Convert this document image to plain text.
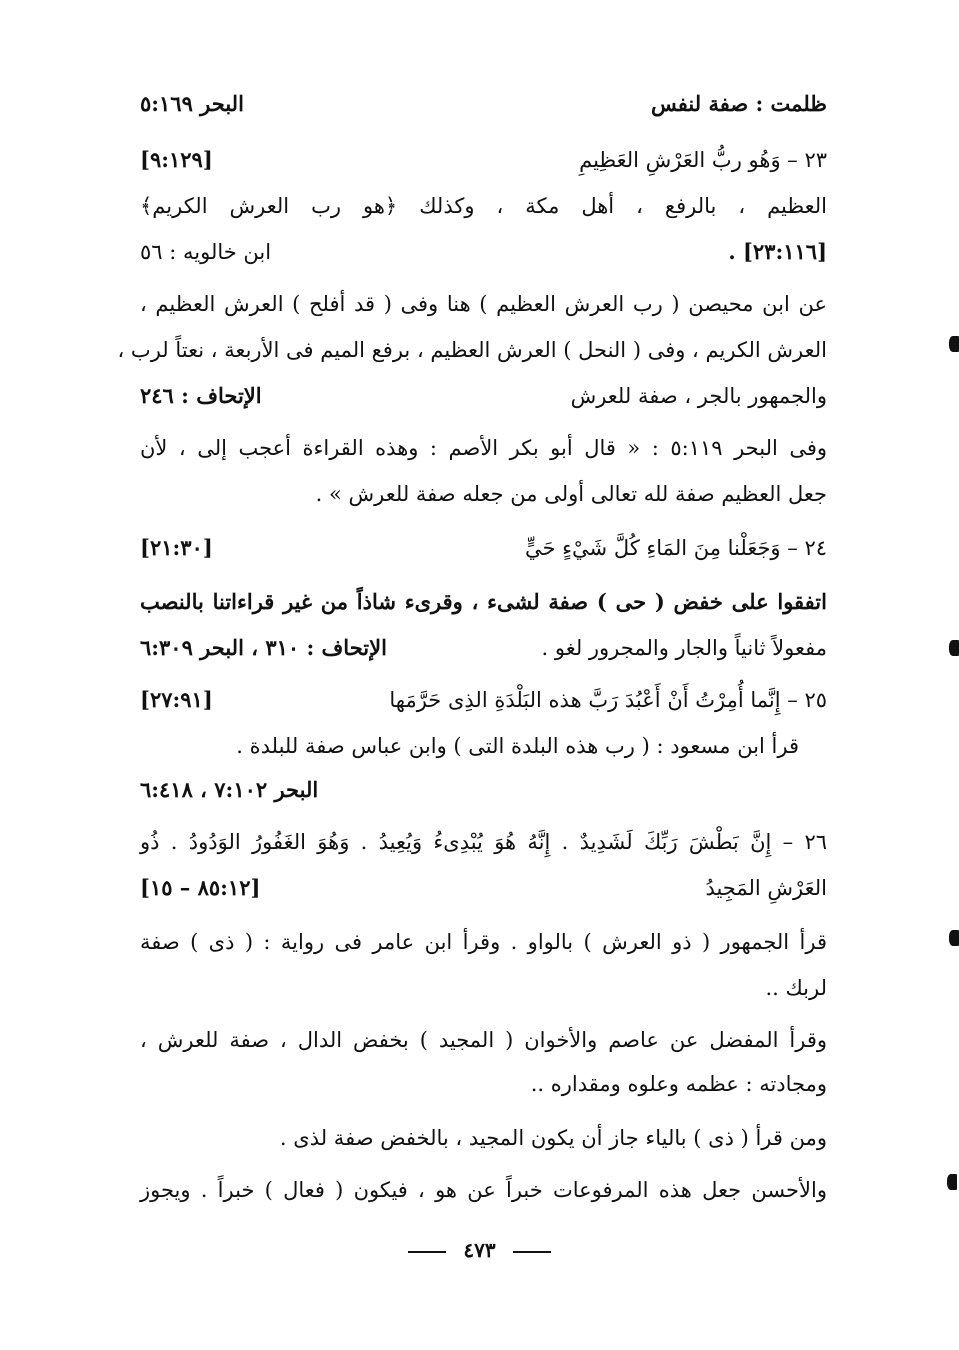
البحر ٥:١٦٩	ظلمت : صفة لنفس
[٩:١٢٩]	٢٣ – وَهُو ربُّ العَرْشِ العَظِيمِ
العظيم ، بالرفع ، أهل مكة ، وكذلك ﴿هو رب العرش الكريم﴾
ابن خالويه : ٥٦	. [٢٣:١١٦]
عن ابن محيصن ( رب العرش العظيم ) هنا وفى ( قد أفلح ) العرش العظيم ،
العرش الكريم ، وفى ( النحل ) العرش العظيم ، برفع الميم فى الأربعة ، نعتاً لرب ،
الإتحاف : ٢٤٦	والجمهور بالجر ، صفة للعرش
وفى البحر ٥:١١٩ : « قال أبو بكر الأصم : وهذه القراءة أعجب إلى ، لأن
جعل العظيم صفة لله تعالى أولى من جعله صفة للعرش » .
[٢١:٣٠]	٢٤ – وَجَعَلْنا مِنَ المَاءِ كُلَّ شَيْءٍ حَيٍّ
اتفقوا على خفض ( حى ) صفة لشىء ، وقرىء شاذاً من غير قراءاتنا بالنصب
الإتحاف : ٣١٠ ، البحر ٦:٣٠٩	مفعولاً ثانياً والجار والمجرور لغو .
[٢٧:٩١]	٢٥ – إِنَّما أُمِرْتُ أَنْ أَعْبُدَ رَبَّ هذه البَلْدَةِ الذِى حَرَّمَها
قرأ ابن مسعود : ( رب هذه البلدة التى ) وابن عباس صفة للبلدة .
البحر ٧:١٠٢ ، ٦:٤١٨
٢٦ – إِنَّ بَطْشَ رَبِّكَ لَشَدِيدٌ . إِنَّهُ هُوَ يُبْدِىءُ وَيُعِيدُ . وَهُوَ الغَفُورُ الوَدُودُ . ذُو
[٨٥:١٢ – ١٥]	العَرْشِ المَجِيدُ
قرأ الجمهور ( ذو العرش ) بالواو . وقرأ ابن عامر فى رواية : ( ذى ) صفة
لربك ..
وقرأ المفضل عن عاصم والأخوان ( المجيد ) بخفض الدال ، صفة للعرش ،
ومجادته : عظمه وعلوه ومقداره ..
ومن قرأ ( ذى ) بالياء جاز أن يكون المجيد ، بالخفض صفة لذى .
والأحسن جعل هذه المرفوعات خبراً عن هو ، فيكون ( فعال ) خبراً . ويجوز
٤٧٣
